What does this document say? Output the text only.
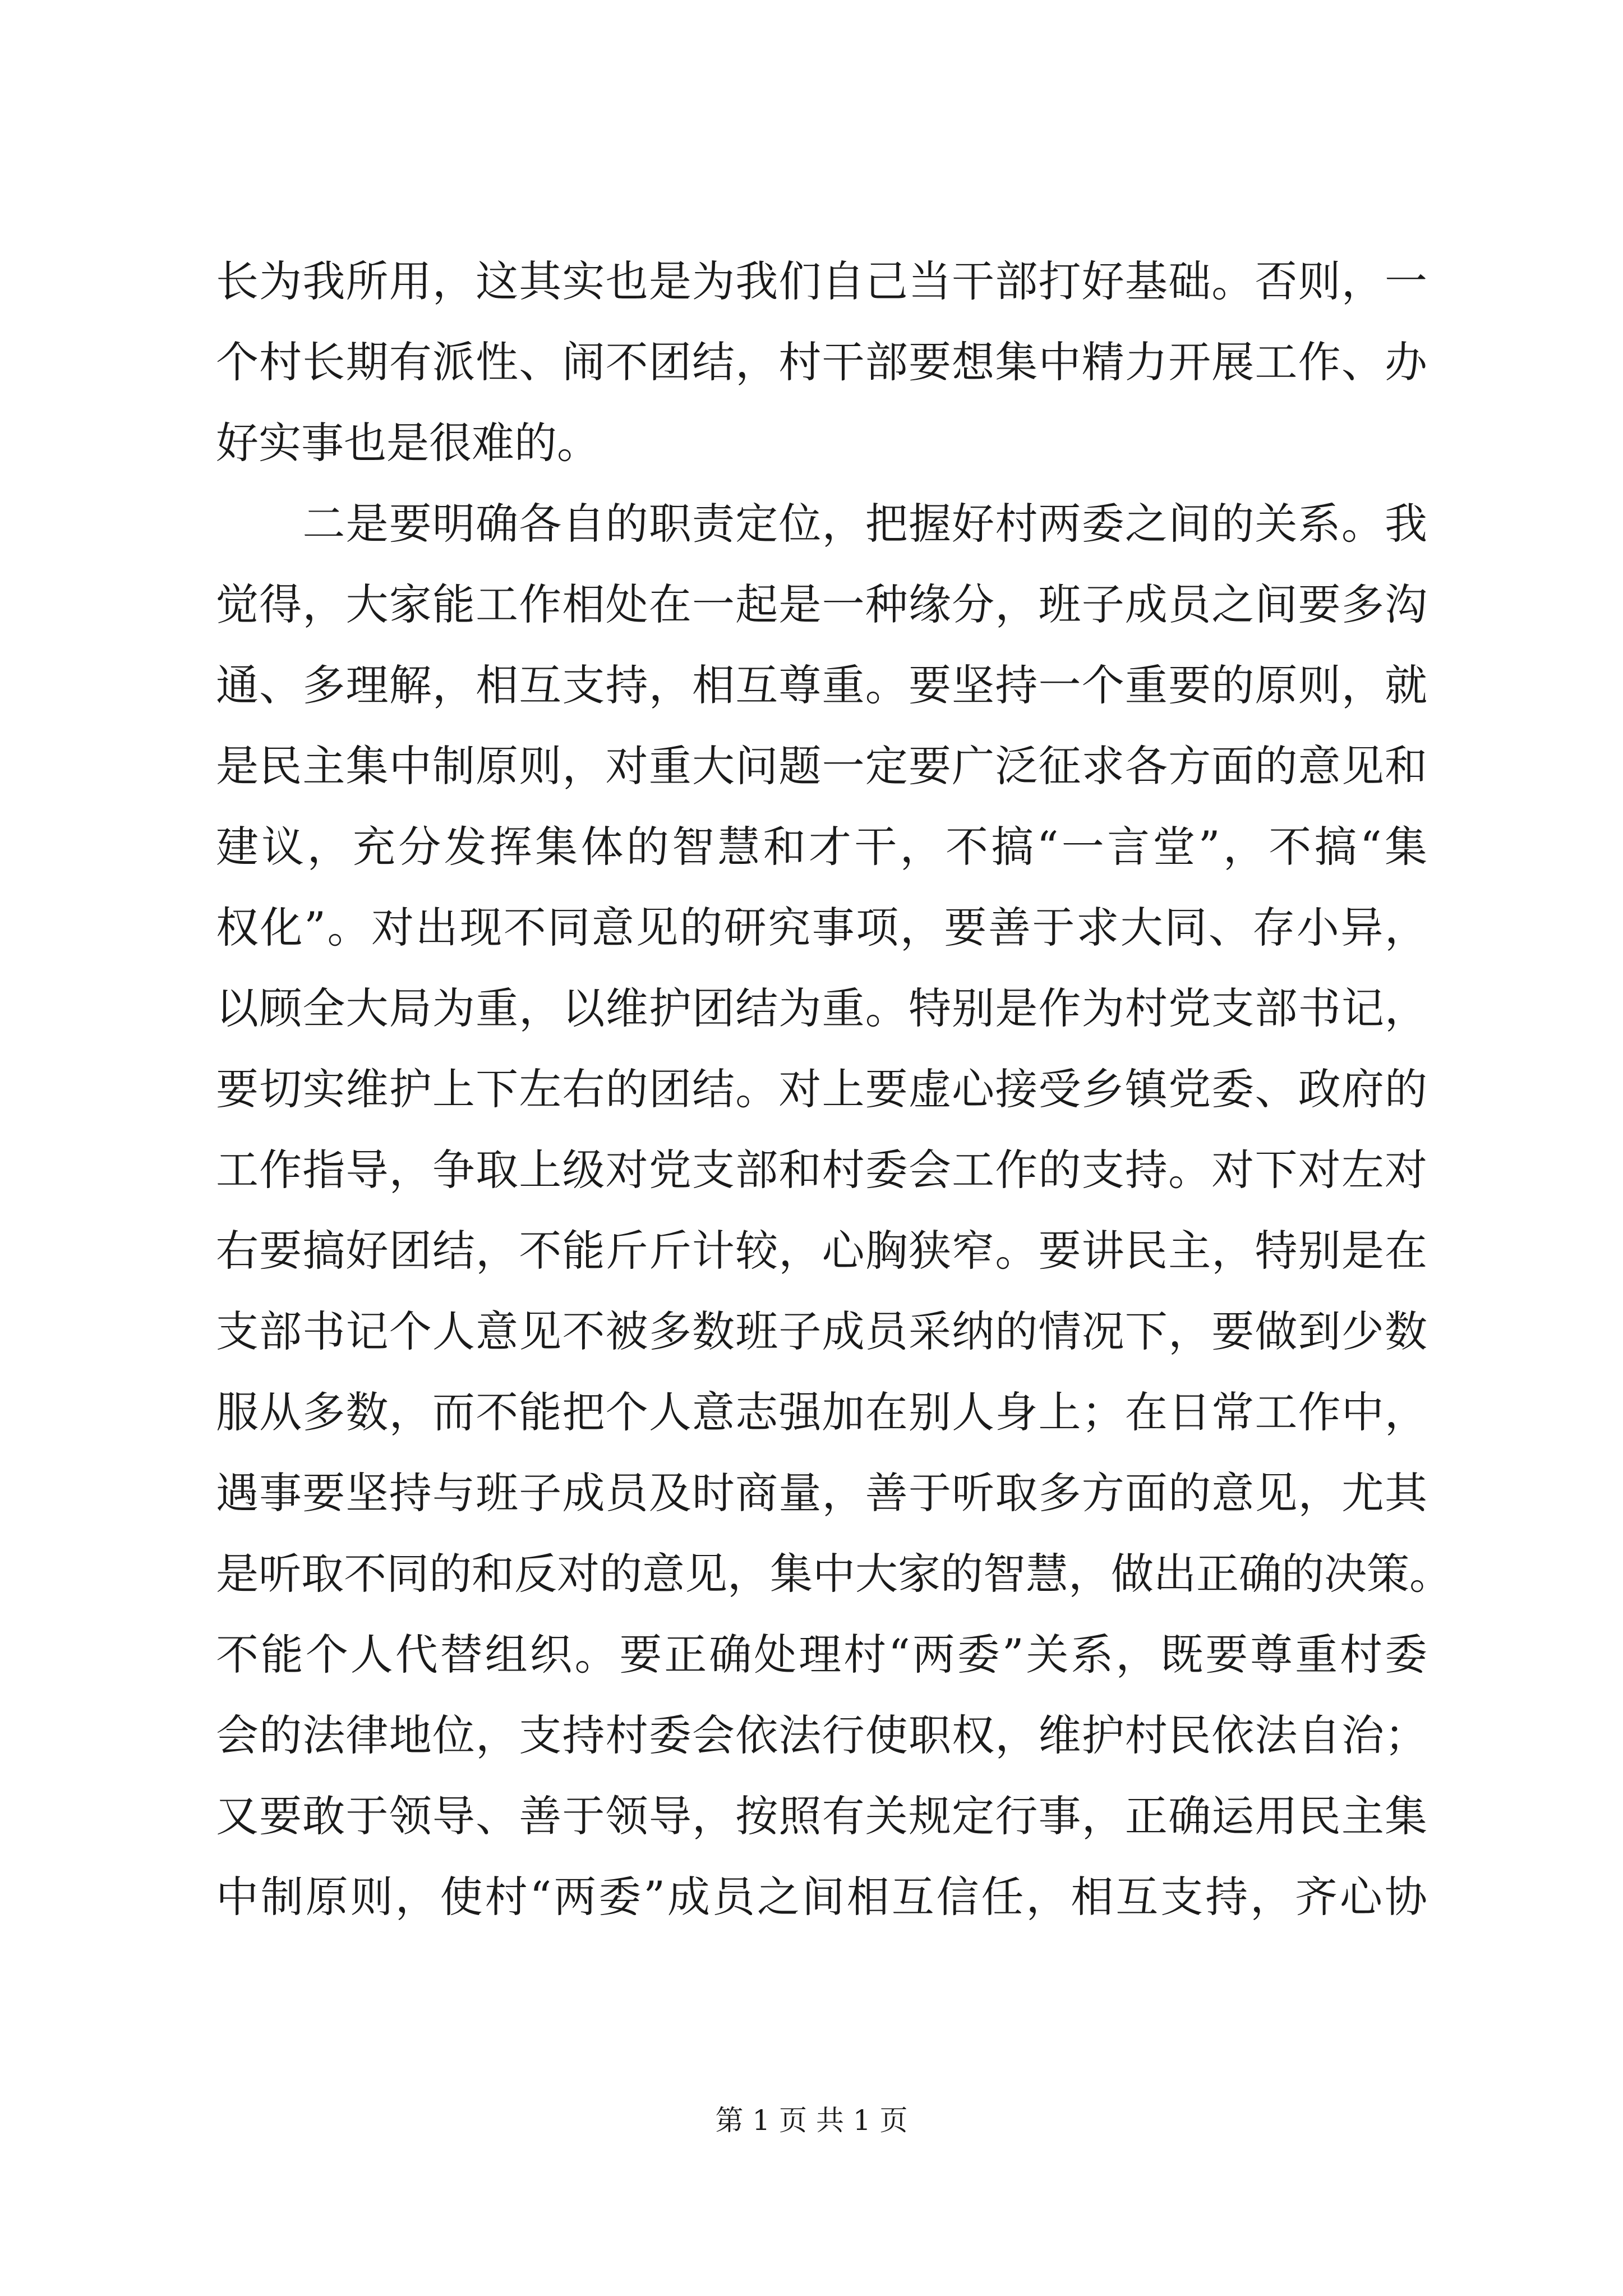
长为我所用，这其实也是为我们自己当干部打好基础。否则，一
个村长期有派性、闹不团结，村干部要想集中精力开展工作、办
好实事也是很难的。
　　二是要明确各自的职责定位，把握好村两委之间的关系。我
觉得，大家能工作相处在一起是一种缘分，班子成员之间要多沟
通、多理解，相互支持，相互尊重。要坚持一个重要的原则，就
是民主集中制原则，对重大问题一定要广泛征求各方面的意见和
建议，充分发挥集体的智慧和才干，不搞“一言堂”，不搞“集
权化”。对出现不同意见的研究事项，要善于求大同、存小异，
以顾全大局为重，以维护团结为重。特别是作为村党支部书记，
要切实维护上下左右的团结。对上要虚心接受乡镇党委、政府的
工作指导，争取上级对党支部和村委会工作的支持。对下对左对
右要搞好团结，不能斤斤计较，心胸狭窄。要讲民主，特别是在
支部书记个人意见不被多数班子成员采纳的情况下，要做到少数
服从多数，而不能把个人意志强加在别人身上；在日常工作中，
遇事要坚持与班子成员及时商量，善于听取多方面的意见，尤其
是听取不同的和反对的意见，集中大家的智慧，做出正确的决策。
不能个人代替组织。要正确处理村“两委”关系，既要尊重村委
会的法律地位，支持村委会依法行使职权，维护村民依法自治；
又要敢于领导、善于领导，按照有关规定行事，正确运用民主集
中制原则，使村“两委”成员之间相互信任，相互支持，齐心协
第 1 页 共 1 页
